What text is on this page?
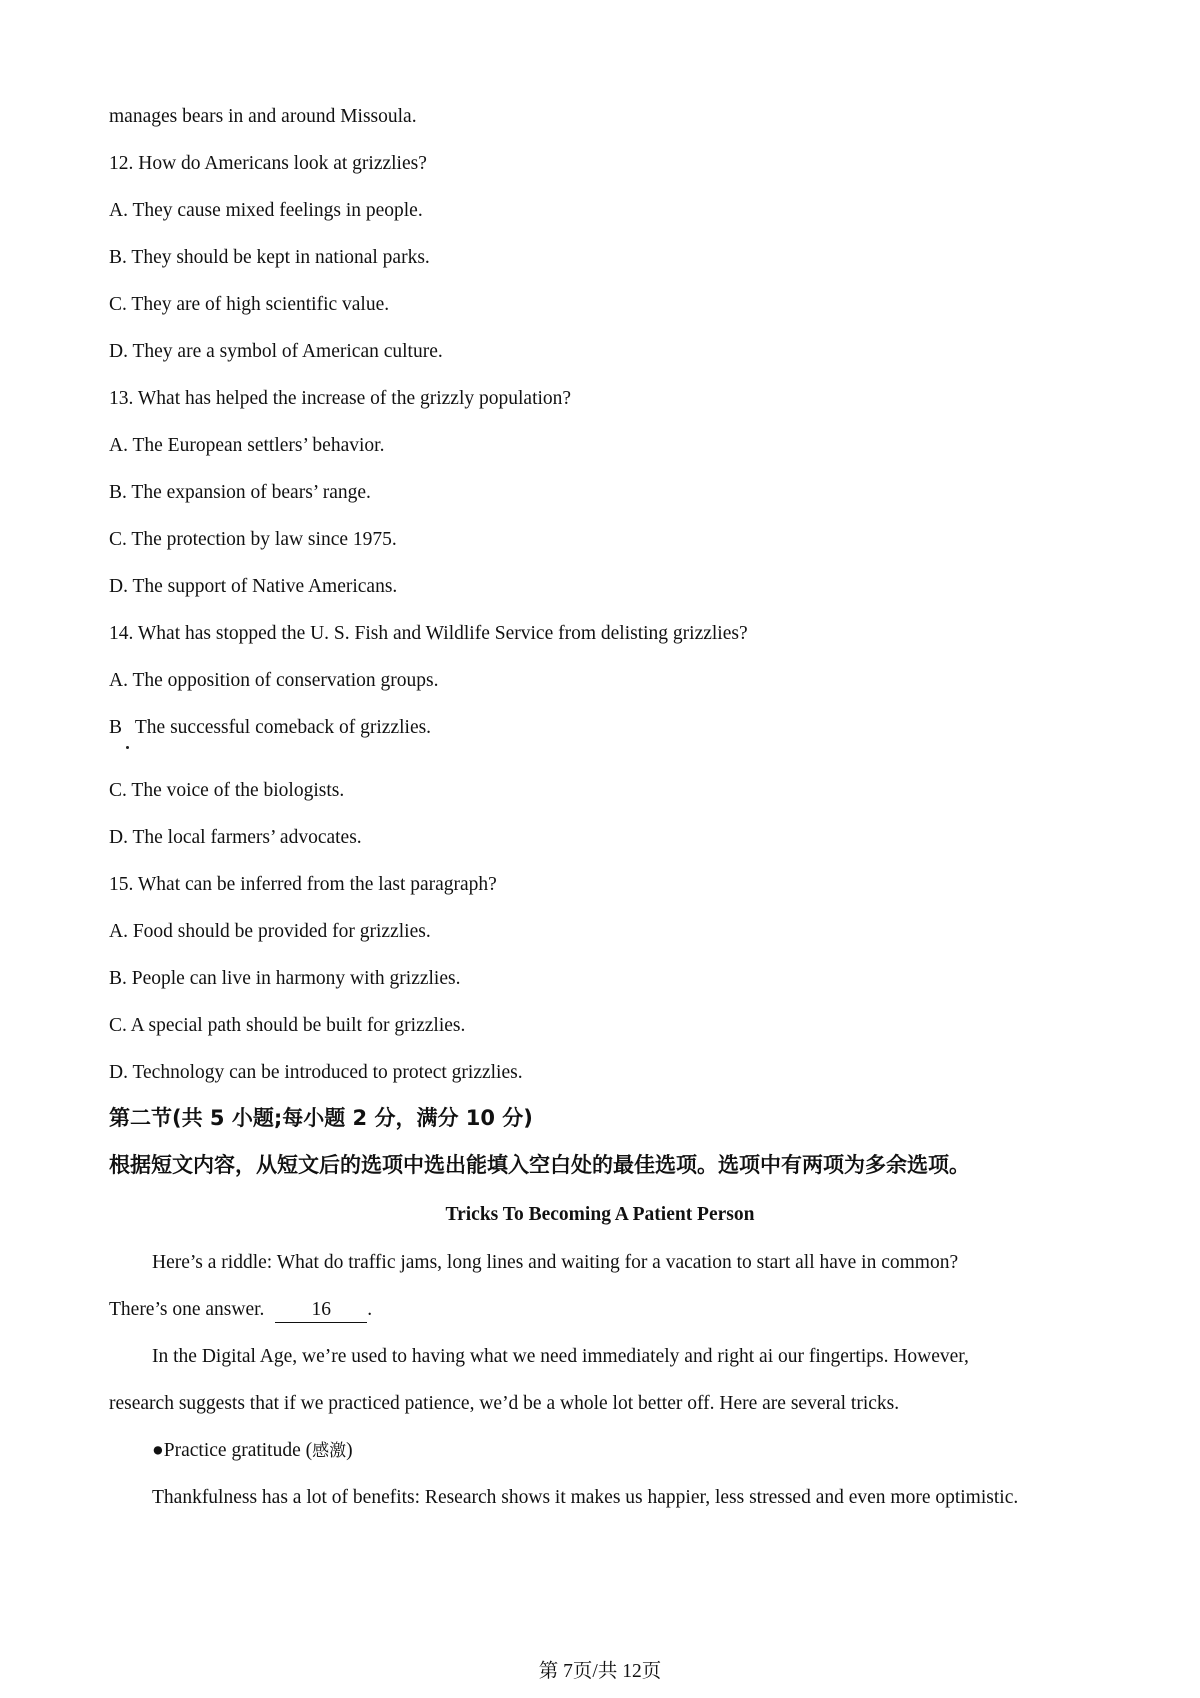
manages bears in and around Missoula.
12. How do Americans look at grizzlies?
A. They cause mixed feelings in people.
B. They should be kept in national parks.
C. They are of high scientific value.
D. They are a symbol of American culture.
13. What has helped the increase of the grizzly population?
A. The European settlers’ behavior.
B. The expansion of bears’ range.
C. The protection by law since 1975.
D. The support of Native Americans.
14. What has stopped the U. S. Fish and Wildlife Service from delisting grizzlies?
A. The opposition of conservation groups.
B The successful comeback of grizzlies.
C. The voice of the biologists.
D. The local farmers’ advocates.
15. What can be inferred from the last paragraph?
A. Food should be provided for grizzlies.
B. People can live in harmony with grizzlies.
C. A special path should be built for grizzlies.
D. Technology can be introduced to protect grizzlies.
第二节(共 5 小题;每小题 2 分，满分 10 分)
根据短文内容，从短文后的选项中选出能填入空白处的最佳选项。选项中有两项为多余选项。
Tricks To Becoming A Patient Person
Here’s a riddle: What do traffic jams, long lines and waiting for a vacation to start all have in common?
There’s one answer. 16 .
In the Digital Age, we’re used to having what we need immediately and right ai our fingertips. However,
research suggests that if we practiced patience, we’d be a whole lot better off. Here are several tricks.
●Practice gratitude (感激)
Thankfulness has a lot of benefits: Research shows it makes us happier, less stressed and even more optimistic.
第 7页/共 12页
